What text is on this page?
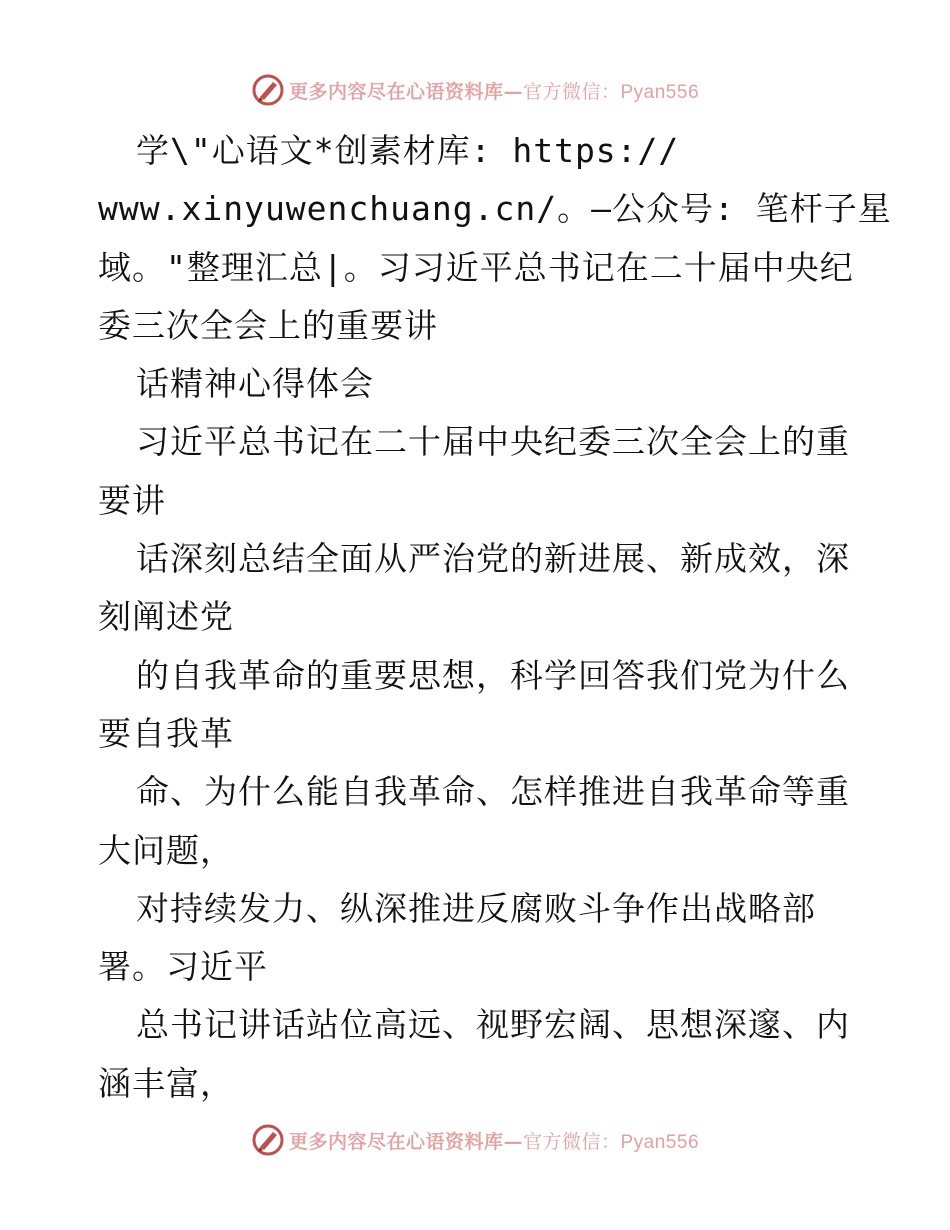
更多内容尽在心语资料库—官方微信：Pyan556
学\"心语文*创素材库: https://
www.xinyuwenchuang.cn/。—公众号: 笔杆子星
域。"整理汇总|。习习近平总书记在二十届中央纪
委三次全会上的重要讲
话精神心得体会
习近平总书记在二十届中央纪委三次全会上的重
要讲
话深刻总结全面从严治党的新进展、新成效，深
刻阐述党
的自我革命的重要思想，科学回答我们党为什么
要自我革
命、为什么能自我革命、怎样推进自我革命等重
大问题，
对持续发力、纵深推进反腐败斗争作出战略部
署。习近平
总书记讲话站位高远、视野宏阔、思想深邃、内
涵丰富，
更多内容尽在心语资料库—官方微信：Pyan556
